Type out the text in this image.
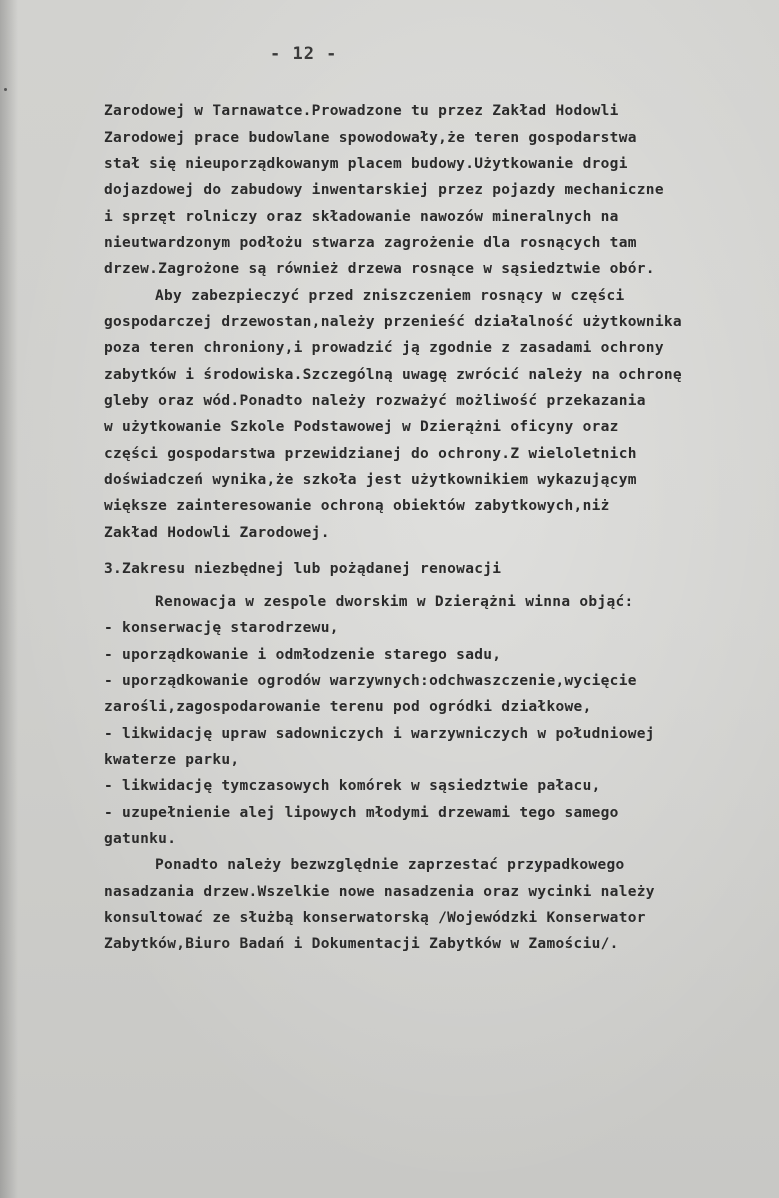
- 12 -
Zarodowej w Tarnawatce.Prowadzone tu przez Zakład Hodowli
Zarodowej prace budowlane spowodowały,że teren gospodarstwa
stał się nieuporządkowanym placem budowy.Użytkowanie drogi
dojazdowej do zabudowy inwentarskiej przez pojazdy mechaniczne
i sprzęt rolniczy oraz składowanie nawozów mineralnych na
nieutwardzonym podłożu stwarza zagrożenie dla rosnących tam
drzew.Zagrożone są również drzewa rosnące w sąsiedztwie obór.
Aby zabezpieczyć przed zniszczeniem rosnący w części
gospodarczej drzewostan,należy przenieść działalność użytkownika
poza teren chroniony,i prowadzić ją zgodnie z zasadami ochrony
zabytków i środowiska.Szczególną uwagę zwrócić należy na ochronę
gleby oraz wód.Ponadto należy rozważyć możliwość przekazania
w użytkowanie Szkole Podstawowej w Dzierążni oficyny oraz
części gospodarstwa przewidzianej do ochrony.Z wieloletnich
doświadczeń wynika,że szkoła jest użytkownikiem wykazującym
większe zainteresowanie ochroną obiektów zabytkowych,niż
Zakład Hodowli Zarodowej.
3.Zakresu niezbędnej lub pożądanej renowacji
Renowacja w zespole dworskim w Dzierążni winna objąć:
- konserwację starodrzewu,
- uporządkowanie i odmłodzenie starego sadu,
- uporządkowanie ogrodów warzywnych:odchwaszczenie,wycięcie
zarośli,zagospodarowanie terenu pod ogródki działkowe,
- likwidację upraw sadowniczych i warzywniczych w południowej
kwaterze parku,
- likwidację tymczasowych komórek w sąsiedztwie pałacu,
- uzupełnienie alej lipowych młodymi drzewami tego samego
gatunku.
Ponadto należy bezwzględnie zaprzestać przypadkowego
nasadzania drzew.Wszelkie nowe nasadzenia oraz wycinki należy
konsultować ze służbą konserwatorską /Wojewódzki Konserwator
Zabytków,Biuro Badań i Dokumentacji Zabytków w Zamościu/.
